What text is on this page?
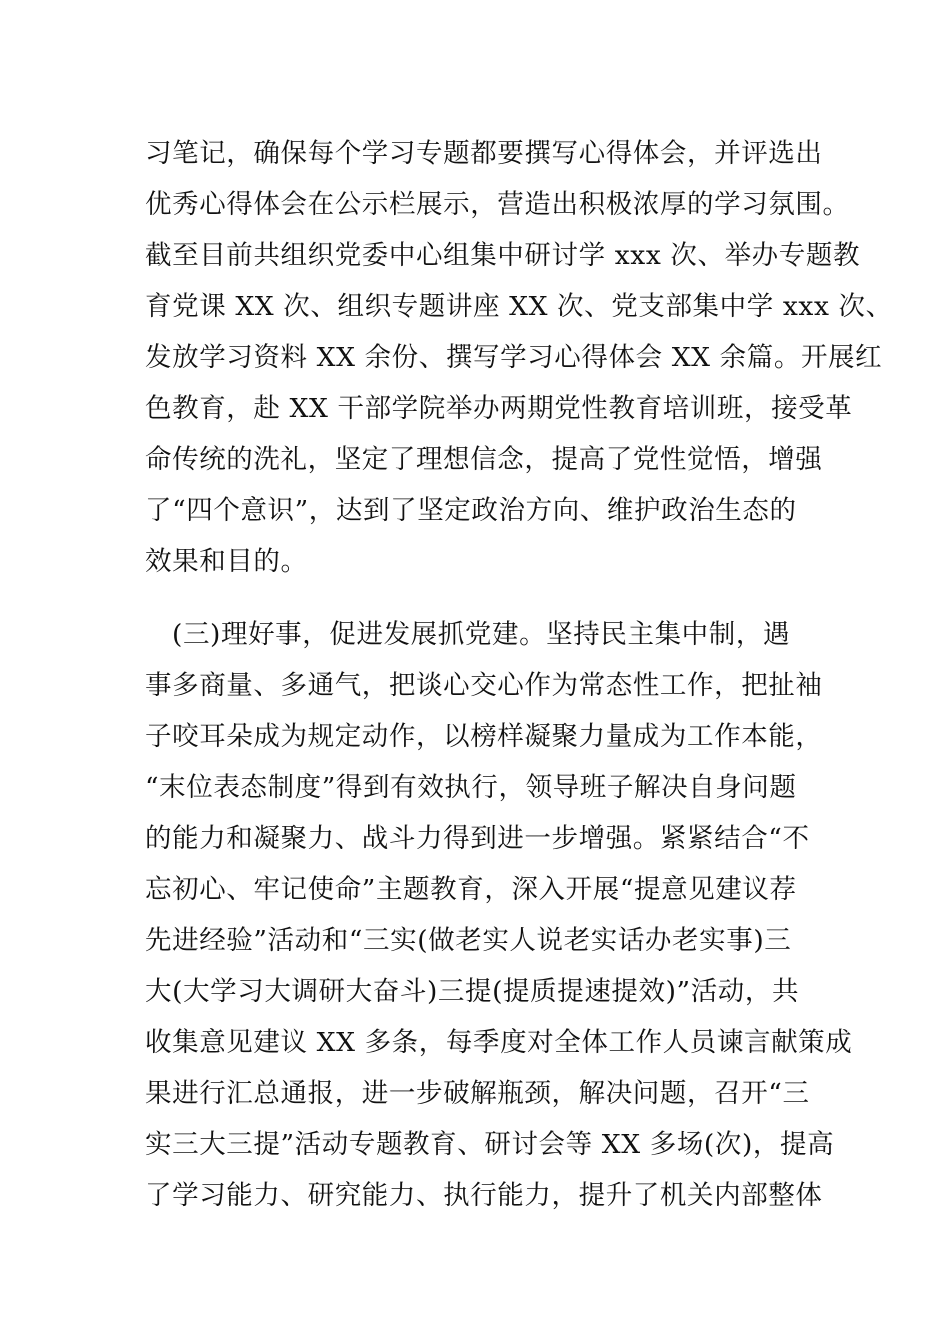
习笔记，确保每个学习专题都要撰写心得体会，并评选出
优秀心得体会在公示栏展示，营造出积极浓厚的学习氛围。
截至目前共组织党委中心组集中研讨学 xxx 次、举办专题教
育党课 XX 次、组织专题讲座 XX 次、党支部集中学 xxx 次、
发放学习资料 XX 余份、撰写学习心得体会 XX 余篇。开展红
色教育，赴 XX 干部学院举办两期党性教育培训班，接受革
命传统的洗礼，坚定了理想信念，提高了党性觉悟，增强
了“四个意识”，达到了坚定政治方向、维护政治生态的
效果和目的。
(三)理好事，促进发展抓党建。坚持民主集中制，遇
事多商量、多通气，把谈心交心作为常态性工作，把扯袖
子咬耳朵成为规定动作，以榜样凝聚力量成为工作本能，
“末位表态制度”得到有效执行，领导班子解决自身问题
的能力和凝聚力、战斗力得到进一步增强。紧紧结合“不
忘初心、牢记使命”主题教育，深入开展“提意见建议荐
先进经验”活动和“三实(做老实人说老实话办老实事)三
大(大学习大调研大奋斗)三提(提质提速提效)”活动，共
收集意见建议 XX 多条，每季度对全体工作人员谏言献策成
果进行汇总通报，进一步破解瓶颈，解决问题，召开“三
实三大三提”活动专题教育、研讨会等 XX 多场(次)，提高
了学习能力、研究能力、执行能力，提升了机关内部整体
